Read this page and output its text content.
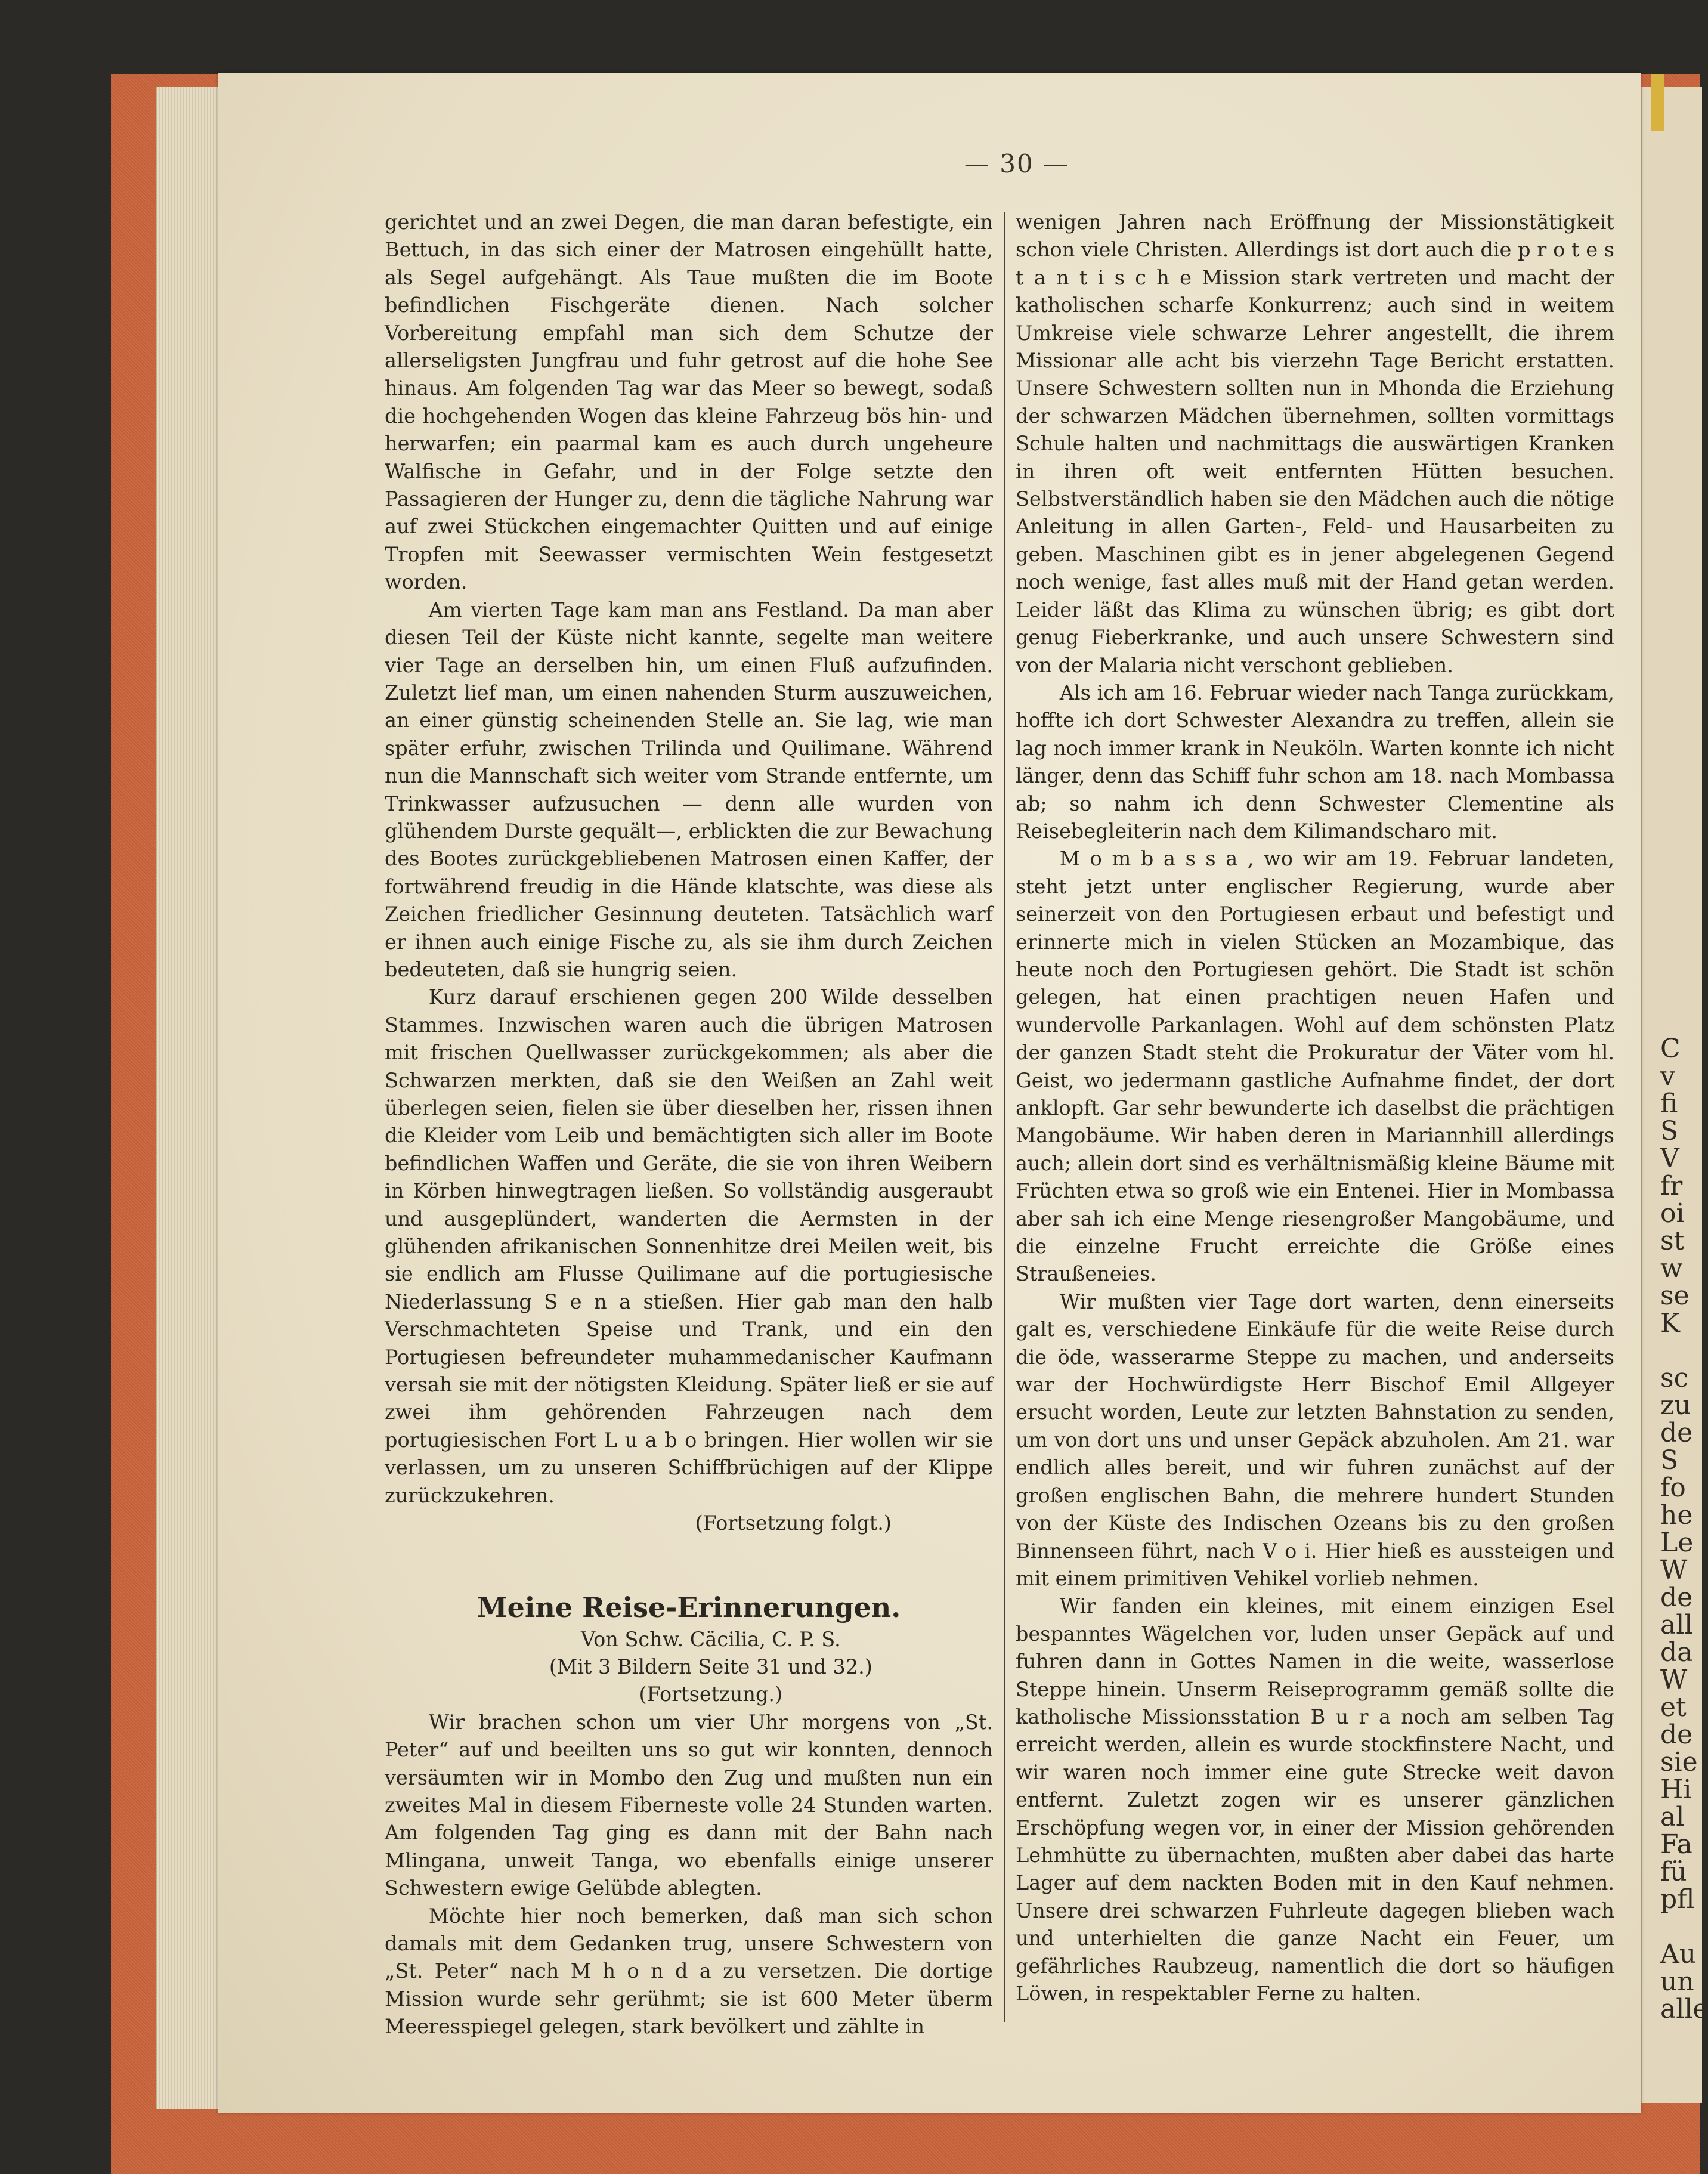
C
v
fi
S
V
fr
oi
st
w
se
K

sc
zu
de
S
fo
he
Le
W
de
all
da
W
et
de
sie
Hi
al
Fa
fü
pfl

Au
un
alle
— 30 —

gerichtet und an zwei Degen, die man daran befestigte, ein Bettuch, in das sich einer der Matrosen eingehüllt hatte, als Segel aufgehängt. Als Taue mußten die im Boote befindlichen Fischgeräte dienen. Nach solcher Vorbereitung empfahl man sich dem Schutze der allerseligsten Jungfrau und fuhr getrost auf die hohe See hinaus. Am folgenden Tag war das Meer so bewegt, sodaß die hochgehenden Wogen das kleine Fahrzeug bös hin- und herwarfen; ein paarmal kam es auch durch ungeheure Walfische in Gefahr, und in der Folge setzte den Passagieren der Hunger zu, denn die tägliche Nahrung war auf zwei Stückchen eingemachter Quitten und auf einige Tropfen mit Seewasser vermischten Wein festgesetzt worden.

Am vierten Tage kam man ans Festland. Da man aber diesen Teil der Küste nicht kannte, segelte man weitere vier Tage an derselben hin, um einen Fluß aufzufinden. Zuletzt lief man, um einen nahenden Sturm auszuweichen, an einer günstig scheinenden Stelle an. Sie lag, wie man später erfuhr, zwischen Trilinda und Quilimane. Während nun die Mannschaft sich weiter vom Strande entfernte, um Trinkwasser aufzusuchen — denn alle wurden von glühendem Durste gequält—, erblickten die zur Bewachung des Bootes zurückgebliebenen Matrosen einen Kaffer, der fortwährend freudig in die Hände klatschte, was diese als Zeichen friedlicher Gesinnung deuteten. Tatsächlich warf er ihnen auch einige Fische zu, als sie ihm durch Zeichen bedeuteten, daß sie hungrig seien.

Kurz darauf erschienen gegen 200 Wilde desselben Stammes. Inzwischen waren auch die übrigen Matrosen mit frischen Quellwasser zurückgekommen; als aber die Schwarzen merkten, daß sie den Weißen an Zahl weit überlegen seien, fielen sie über dieselben her, rissen ihnen die Kleider vom Leib und bemächtigten sich aller im Boote befindlichen Waffen und Geräte, die sie von ihren Weibern in Körben hinwegtragen ließen. So vollständig ausgeraubt und ausgeplündert, wanderten die Aermsten in der glühenden afrikanischen Sonnenhitze drei Meilen weit, bis sie endlich am Flusse Quilimane auf die portugiesische Niederlassung S e n a stießen. Hier gab man den halb Verschmachteten Speise und Trank, und ein den Portugiesen befreundeter muhammedanischer Kaufmann versah sie mit der nötigsten Kleidung. Später ließ er sie auf zwei ihm gehörenden Fahrzeugen nach dem portugiesischen Fort L u a b o bringen. Hier wollen wir sie verlassen, um zu unseren Schiffbrüchigen auf der Klippe zurückzukehren.

(Fortsetzung folgt.)

Meine Reise-Erinnerungen.

Von Schw. Cäcilia, C. P. S.

(Mit 3 Bildern Seite 31 und 32.)

(Fortsetzung.)

Wir brachen schon um vier Uhr morgens von „St. Peter“ auf und beeilten uns so gut wir konnten, dennoch versäumten wir in Mombo den Zug und mußten nun ein zweites Mal in diesem Fiberneste volle 24 Stunden warten. Am folgenden Tag ging es dann mit der Bahn nach Mlingana, unweit Tanga, wo ebenfalls einige unserer Schwestern ewige Gelübde ablegten.

Möchte hier noch bemerken, daß man sich schon damals mit dem Gedanken trug, unsere Schwestern von „St. Peter“ nach M h o n d a zu versetzen. Die dortige Mission wurde sehr gerühmt; sie ist 600 Meter überm Meeresspiegel gelegen, stark bevölkert und zählte in

wenigen Jahren nach Eröffnung der Missionstätigkeit schon viele Christen. Allerdings ist dort auch die p r o t e s t a n t i s c h e Mission stark vertreten und macht der katholischen scharfe Konkurrenz; auch sind in weitem Umkreise viele schwarze Lehrer angestellt, die ihrem Missionar alle acht bis vierzehn Tage Bericht erstatten. Unsere Schwestern sollten nun in Mhonda die Erziehung der schwarzen Mädchen übernehmen, sollten vormittags Schule halten und nachmittags die auswärtigen Kranken in ihren oft weit entfernten Hütten besuchen. Selbstverständlich haben sie den Mädchen auch die nötige Anleitung in allen Garten-, Feld- und Hausarbeiten zu geben. Maschinen gibt es in jener abgelegenen Gegend noch wenige, fast alles muß mit der Hand getan werden. Leider läßt das Klima zu wünschen übrig; es gibt dort genug Fieberkranke, und auch unsere Schwestern sind von der Malaria nicht verschont geblieben.

Als ich am 16. Februar wieder nach Tanga zurückkam, hoffte ich dort Schwester Alexandra zu treffen, allein sie lag noch immer krank in Neuköln. Warten konnte ich nicht länger, denn das Schiff fuhr schon am 18. nach Mombassa ab; so nahm ich denn Schwester Clementine als Reisebegleiterin nach dem Kilimandscharo mit.

M o m b a s s a , wo wir am 19. Februar landeten, steht jetzt unter englischer Regierung, wurde aber seinerzeit von den Portugiesen erbaut und befestigt und erinnerte mich in vielen Stücken an Mozambique, das heute noch den Portugiesen gehört. Die Stadt ist schön gelegen, hat einen prachtigen neuen Hafen und wundervolle Parkanlagen. Wohl auf dem schönsten Platz der ganzen Stadt steht die Prokuratur der Väter vom hl. Geist, wo jedermann gastliche Aufnahme findet, der dort anklopft. Gar sehr bewunderte ich daselbst die prächtigen Mangobäume. Wir haben deren in Mariannhill allerdings auch; allein dort sind es verhältnismäßig kleine Bäume mit Früchten etwa so groß wie ein Entenei. Hier in Mombassa aber sah ich eine Menge riesengroßer Mangobäume, und die einzelne Frucht erreichte die Größe eines Straußeneies.

Wir mußten vier Tage dort warten, denn einerseits galt es, verschiedene Einkäufe für die weite Reise durch die öde, wasserarme Steppe zu machen, und anderseits war der Hochwürdigste Herr Bischof Emil Allgeyer ersucht worden, Leute zur letzten Bahnstation zu senden, um von dort uns und unser Gepäck abzuholen. Am 21. war endlich alles bereit, und wir fuhren zunächst auf der großen englischen Bahn, die mehrere hundert Stunden von der Küste des Indischen Ozeans bis zu den großen Binnenseen führt, nach V o i. Hier hieß es aussteigen und mit einem primitiven Vehikel vorlieb nehmen.

Wir fanden ein kleines, mit einem einzigen Esel bespanntes Wägelchen vor, luden unser Gepäck auf und fuhren dann in Gottes Namen in die weite, wasserlose Steppe hinein. Unserm Reiseprogramm gemäß sollte die katholische Missionsstation B u r a noch am selben Tag erreicht werden, allein es wurde stockfinstere Nacht, und wir waren noch immer eine gute Strecke weit davon entfernt. Zuletzt zogen wir es unserer gänzlichen Erschöpfung wegen vor, in einer der Mission gehörenden Lehmhütte zu übernachten, mußten aber dabei das harte Lager auf dem nackten Boden mit in den Kauf nehmen. Unsere drei schwarzen Fuhrleute dagegen blieben wach und unterhielten die ganze Nacht ein Feuer, um gefährliches Raubzeug, namentlich die dort so häufigen Löwen, in respektabler Ferne zu halten.
